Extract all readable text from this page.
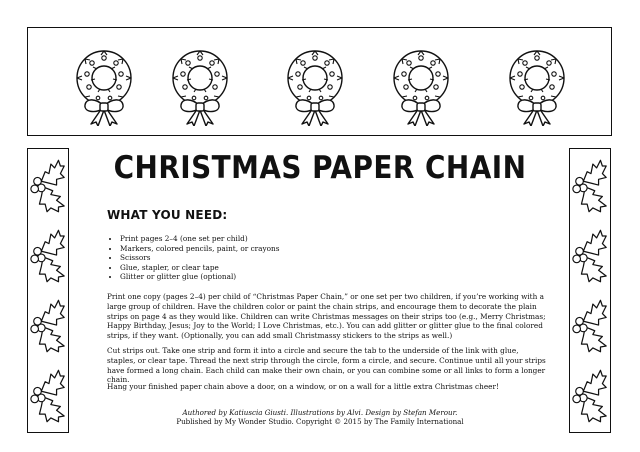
CHRISTMAS PAPER CHAIN
WHAT YOU NEED:
• Print pages 2–4 (one set per child)
• Markers, colored pencils, paint, or crayons
• Scissors
• Glue, stapler, or clear tape
• Glitter or glitter glue (optional)

Print one copy (pages 2–4) per child of “Christmas Paper Chain,” or one set per two children, if you’re working with a large group of children. Have the children color or paint the chain strips, and encourage them to decorate the plain strips on page 4 as they would like. Children can write Christmas messages on their strips too (e.g., Merry Christmas; Happy Birthday, Jesus; Joy to the World; I Love Christmas, etc.). You can add glitter or glitter glue to the final colored strips, if they want. (Optionally, you can add small Christmassy stickers to the strips as well.)

Cut strips out. Take one strip and form it into a circle and secure the tab to the underside of the link with glue, staples, or clear tape. Thread the next strip through the circle, form a circle, and secure. Continue until all your strips have formed a long chain. Each child can make their own chain, or you can combine some or all links to form a longer chain.

Hang your finished paper chain above a door, on a window, or on a wall for a little extra Christmas cheer!

Authored by Katiuscia Giusti. Illustrations by Alvi. Design by Stefan Merour.
Published by My Wonder Studio. Copyright © 2015 by The Family International
